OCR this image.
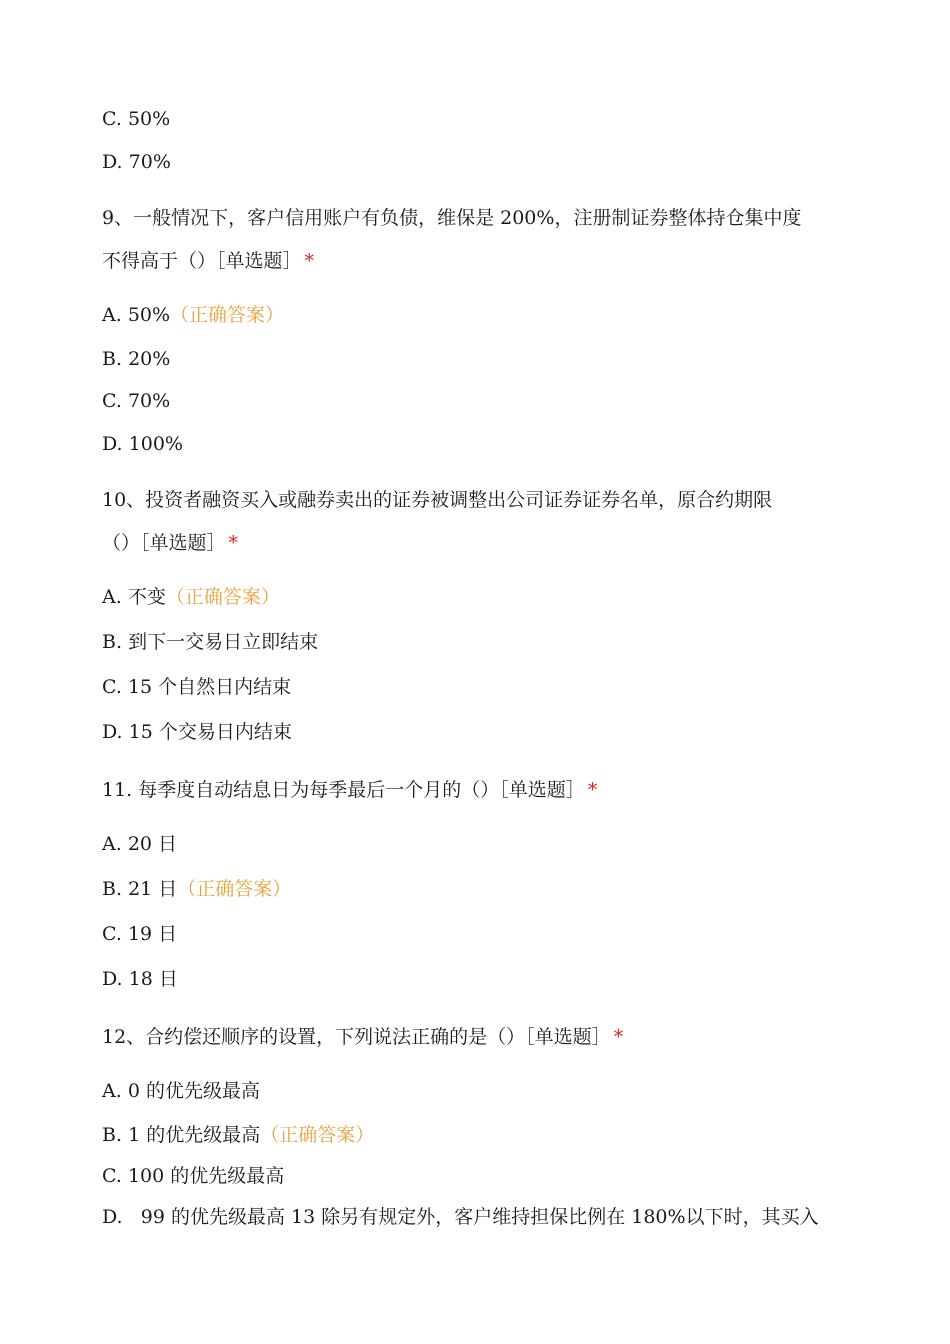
C. 50%
D. 70%
9、一般情况下，客户信用账户有负债，维保是 200%，注册制证券整体持仓集中度
不得高于（）［单选题］ *
A. 50%（正确答案）
B. 20%
C. 70%
D. 100%
10、投资者融资买入或融券卖出的证券被调整出公司证券证券名单，原合约期限
（）［单选题］ *
A. 不变（正确答案）
B. 到下一交易日立即结束
C. 15 个自然日内结束
D. 15 个交易日内结束
11. 每季度自动结息日为每季最后一个月的（）［单选题］ *
A. 20 日
B. 21 日（正确答案）
C. 19 日
D. 18 日
12、合约偿还顺序的设置，下列说法正确的是（）［单选题］ *
A. 0 的优先级最高
B. 1 的优先级最高（正确答案）
C. 100 的优先级最高
D.   99 的优先级最高 13 除另有规定外，客户维持担保比例在 180%以下时，其买入
